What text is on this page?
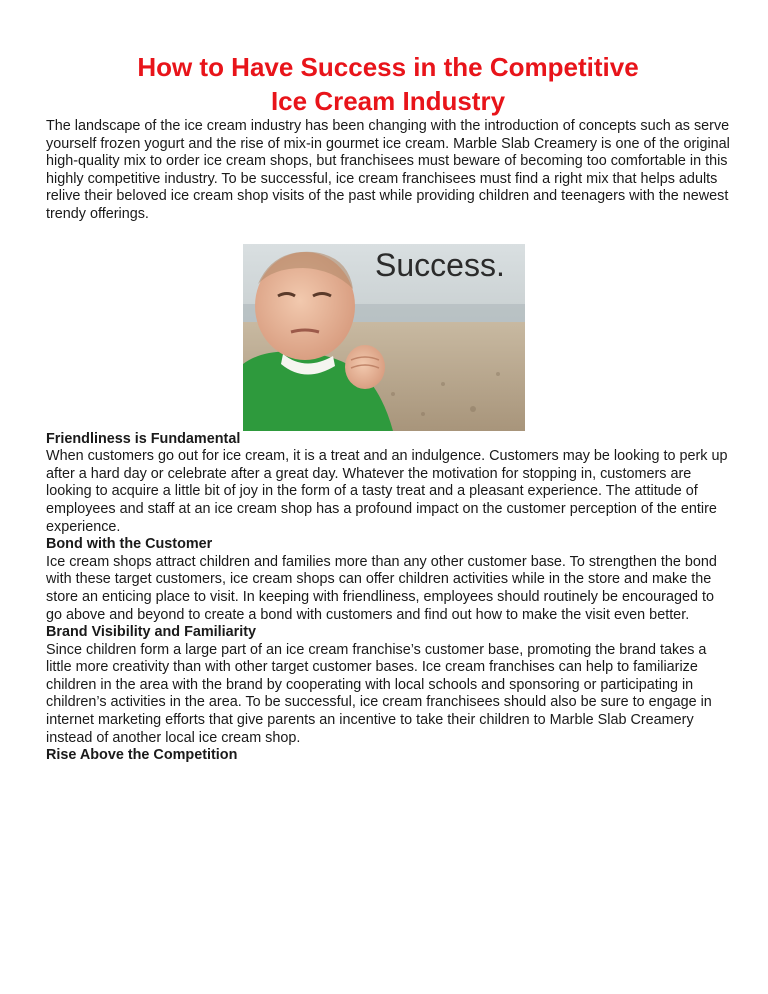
How to Have Success in the Competitive
Ice Cream Industry

The landscape of the ice cream industry has been changing with the introduction of concepts such as serve yourself frozen yogurt and the rise of mix-in gourmet ice cream. Marble Slab Creamery is one of the original high-quality mix to order ice cream shops, but franchisees must beware of becoming too comfortable in this highly competitive industry. To be successful, ice cream franchisees must find a right mix that helps adults relive their beloved ice cream shop visits of the past while providing children and teenagers with the newest trendy offerings.

Success.
Friendliness is Fundamental

When customers go out for ice cream, it is a treat and an indulgence. Customers may be looking to perk up after a hard day or celebrate after a great day. Whatever the motivation for stopping in, customers are looking to acquire a little bit of joy in the form of a tasty treat and a pleasant experience. The attitude of employees and staff at an ice cream shop has a profound impact on the customer perception of the entire experience.

Bond with the Customer

Ice cream shops attract children and families more than any other customer base. To strengthen the bond with these target customers, ice cream shops can offer children activities while in the store and make the store an enticing place to visit. In keeping with friendliness, employees should routinely be encouraged to go above and beyond to create a bond with customers and find out how to make the visit even better.

Brand Visibility and Familiarity

Since children form a large part of an ice cream franchise’s customer base, promoting the brand takes a little more creativity than with other target customer bases. Ice cream franchises can help to familiarize children in the area with the brand by cooperating with local schools and sponsoring or participating in children’s activities in the area. To be successful, ice cream franchisees should also be sure to engage in internet marketing efforts that give parents an incentive to take their children to Marble Slab Creamery instead of another local ice cream shop.

Rise Above the Competition
